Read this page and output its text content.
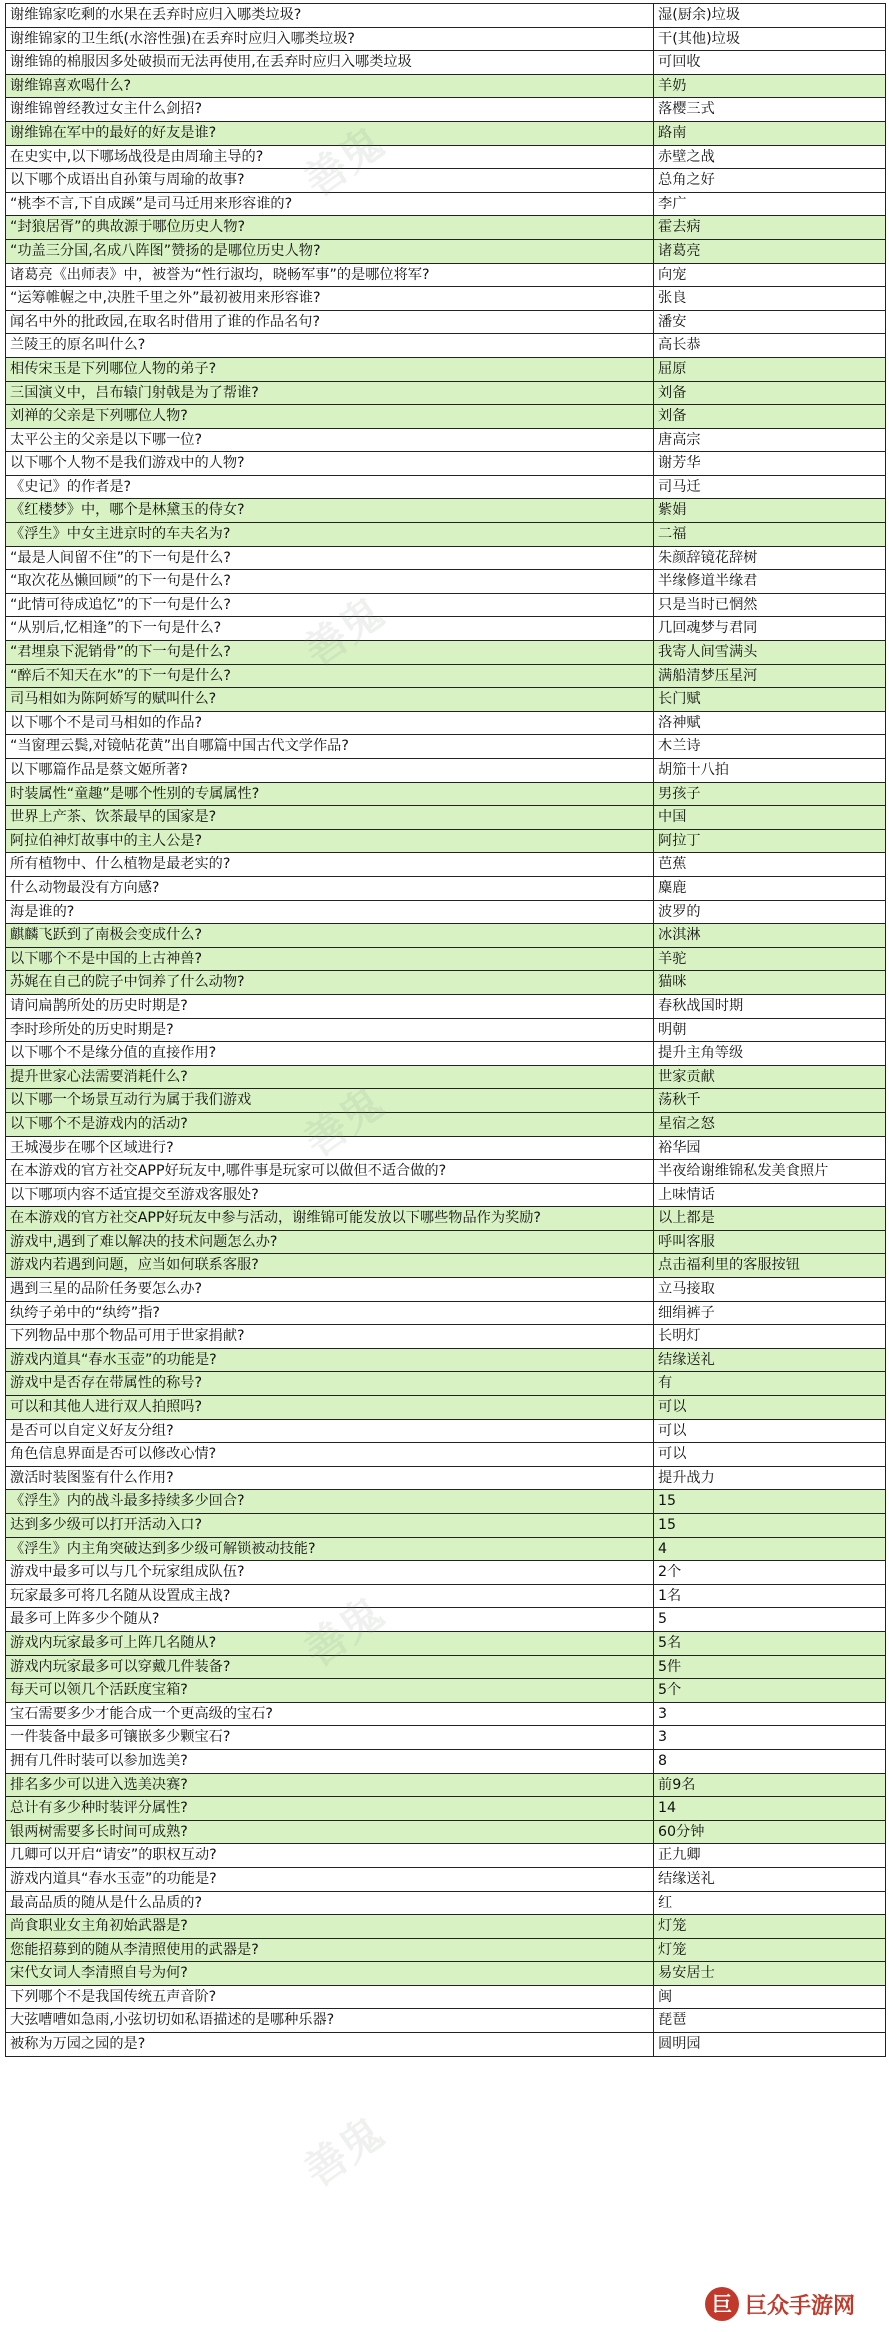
谢维锦家吃剩的水果在丢弃时应归入哪类垃圾?	湿(厨余)垃圾
谢维锦家的卫生纸(水溶性强)在丢弃时应归入哪类垃圾?	干(其他)垃圾
谢维锦的棉服因多处破损而无法再使用,在丢弃时应归入哪类垃圾	可回收
谢维锦喜欢喝什么?	羊奶
谢维锦曾经教过女主什么剑招?	落樱三式
谢维锦在军中的最好的好友是谁?	路南
在史实中,以下哪场战役是由周瑜主导的?	赤壁之战
以下哪个成语出自孙策与周瑜的故事?	总角之好
“桃李不言,下自成蹊”是司马迁用来形容谁的?	李广
“封狼居胥”的典故源于哪位历史人物?	霍去病
“功盖三分国,名成八阵图”赞扬的是哪位历史人物?	诸葛亮
诸葛亮《出师表》中，被誉为“性行淑均，晓畅军事”的是哪位将军?	向宠
“运筹帷幄之中,决胜千里之外”最初被用来形容谁?	张良
闻名中外的批政园,在取名时借用了谁的作品名句?	潘安
兰陵王的原名叫什么?	高长恭
相传宋玉是下列哪位人物的弟子?	屈原
三国演义中，吕布辕门射戟是为了帮谁?	刘备
刘禅的父亲是下列哪位人物?	刘备
太平公主的父亲是以下哪一位?	唐高宗
以下哪个人物不是我们游戏中的人物?	谢芳华
《史记》的作者是?	司马迁
《红楼梦》中，哪个是林黛玉的侍女?	紫娟
《浮生》中女主进京时的车夫名为?	二福
“最是人间留不住”的下一句是什么?	朱颜辞镜花辞树
“取次花丛懒回顾”的下一句是什么?	半缘修道半缘君
“此情可待成追忆”的下一句是什么?	只是当时已惘然
“从别后,忆相逢”的下一句是什么?	几回魂梦与君同
“君埋泉下泥销骨”的下一句是什么?	我寄人间雪满头
“醉后不知天在水”的下一句是什么?	满船清梦压星河
司马相如为陈阿娇写的赋叫什么?	长门赋
以下哪个不是司马相如的作品?	洛神赋
“当窗理云鬓,对镜帖花黄”出自哪篇中国古代文学作品?	木兰诗
以下哪篇作品是蔡文姬所著?	胡笳十八拍
时装属性“童趣”是哪个性别的专属属性?	男孩子
世界上产茶、饮茶最早的国家是?	中国
阿拉伯神灯故事中的主人公是?	阿拉丁
所有植物中、什么植物是最老实的?	芭蕉
什么动物最没有方向感?	麋鹿
海是谁的?	波罗的
麒麟飞跃到了南极会变成什么?	冰淇淋
以下哪个不是中国的上古神兽?	羊驼
苏娓在自己的院子中饲养了什么动物?	猫咪
请问扁鹊所处的历史时期是?	春秋战国时期
李时珍所处的历史时期是?	明朝
以下哪个不是缘分值的直接作用?	提升主角等级
提升世家心法需要消耗什么?	世家贡献
以下哪一个场景互动行为属于我们游戏	荡秋千
以下哪个不是游戏内的活动?	星宿之怒
王城漫步在哪个区域进行?	裕华园
在本游戏的官方社交APP好玩友中,哪件事是玩家可以做但不适合做的?	半夜给谢维锦私发美食照片
以下哪项内容不适宜提交至游戏客服处?	上味情话
在本游戏的官方社交APP好玩友中参与活动，谢维锦可能发放以下哪些物品作为奖励?	以上都是
游戏中,遇到了难以解决的技术问题怎么办?	呼叫客服
游戏内若遇到问题，应当如何联系客服?	点击福利里的客服按钮
遇到三星的品阶任务要怎么办?	立马接取
纨绔子弟中的“纨绔”指?	细绢裤子
下列物品中那个物品可用于世家捐献?	长明灯
游戏内道具“春水玉壶”的功能是?	结缘送礼
游戏中是否存在带属性的称号?	有
可以和其他人进行双人拍照吗?	可以
是否可以自定义好友分组?	可以
角色信息界面是否可以修改心情?	可以
激活时装图鉴有什么作用?	提升战力
《浮生》内的战斗最多持续多少回合?	15
达到多少级可以打开活动入口?	15
《浮生》内主角突破达到多少级可解锁被动技能?	4
游戏中最多可以与几个玩家组成队伍?	2个
玩家最多可将几名随从设置成主战?	1名
最多可上阵多少个随从?	5
游戏内玩家最多可上阵几名随从?	5名
游戏内玩家最多可以穿戴几件装备?	5件
每天可以领几个活跃度宝箱?	5个
宝石需要多少才能合成一个更高级的宝石?	3
一件装备中最多可镶嵌多少颗宝石?	3
拥有几件时装可以参加选美?	8
排名多少可以进入选美决赛?	前9名
总计有多少种时装评分属性?	14
银两树需要多长时间可成熟?	60分钟
几卿可以开启“请安”的职权互动?	正九卿
游戏内道具“春水玉壶”的功能是?	结缘送礼
最高品质的随从是什么品质的?	红
尚食职业女主角初始武器是?	灯笼
您能招募到的随从李清照使用的武器是?	灯笼
宋代女词人李清照自号为何?	易安居士
下列哪个不是我国传统五声音阶?	闽
大弦嘈嘈如急雨,小弦切切如私语描述的是哪种乐器?	琵琶
被称为万园之园的是?	圆明园
善鬼
善鬼
善鬼
巨 巨众手游网
